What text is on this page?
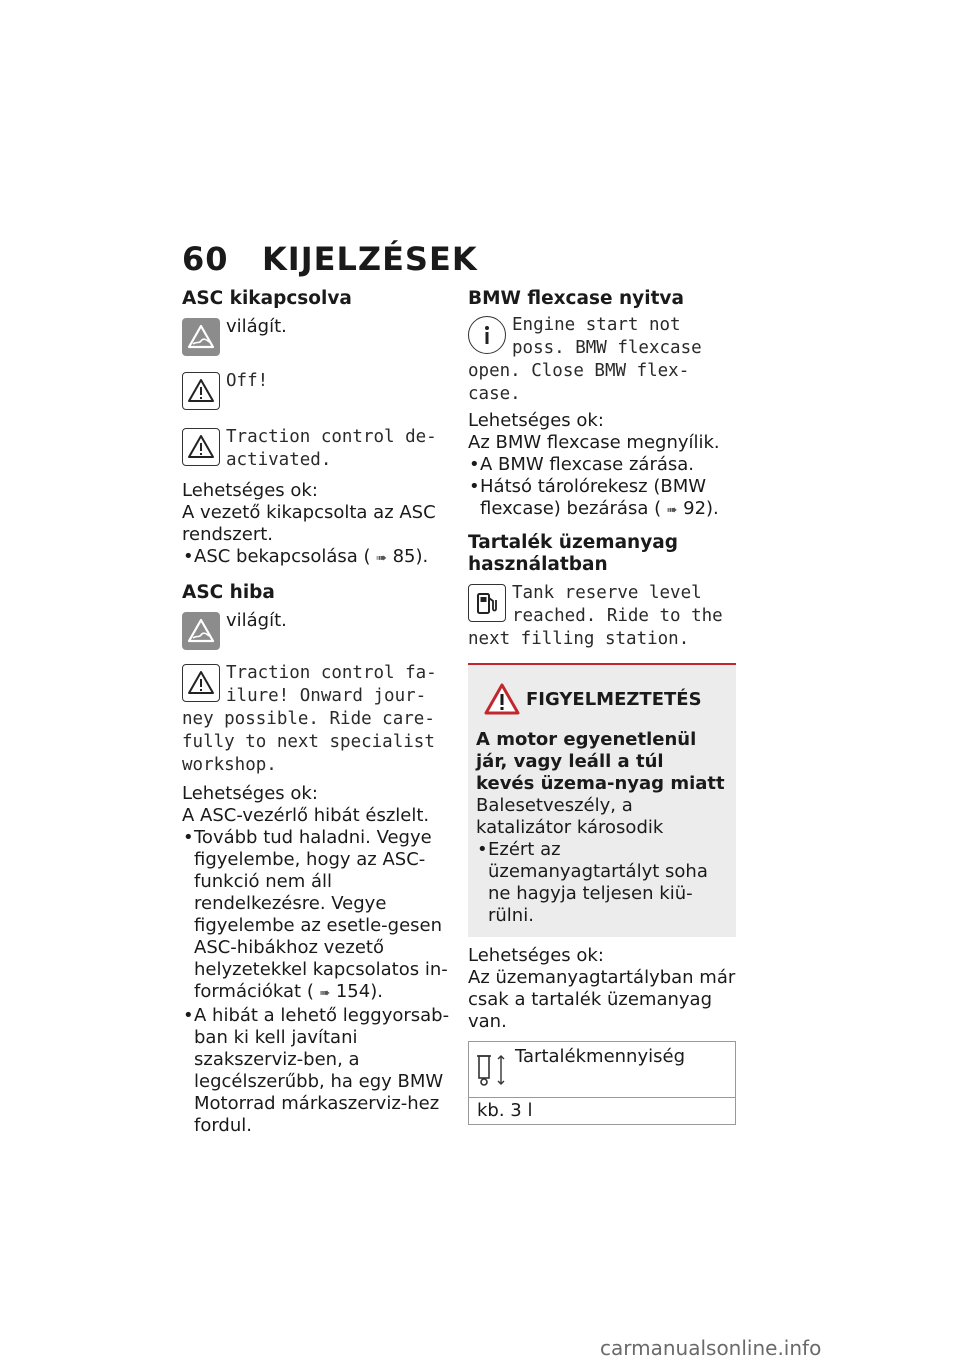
60	KIJELZÉSEK
ASC kikapcsolva
világít.
Off!
Traction control de-activated.
Lehetséges ok:
A vezető kikapcsolta az ASC rendszert.
• ASC bekapcsolása ( ➠ 85).
ASC hiba
világít.
Traction control fa-ilure! Onward jour-ney possible. Ride care-fully to next specialist workshop.
Lehetséges ok:
A ASC-vezérlő hibát észlelt.
• Tovább tud haladni. Vegye figyelembe, hogy az ASC-funkció nem áll rendelkezésre. Vegye figyelembe az esetle-gesen ASC-hibákhoz vezető helyzetekkel kapcsolatos in-formációkat ( ➠ 154).
• A hibát a lehető leggyorsab-ban ki kell javítani szakszerviz-ben, a legcélszerűbb, ha egy BMW Motorrad márkaszerviz-hez fordul.
BMW flexcase nyitva
Engine start not poss. BMW flexcase open. Close BMW flex-case.
Lehetséges ok:
Az BMW flexcase megnyílik.
• A BMW flexcase zárása.
• Hátsó tárolórekesz (BMW flexcase) bezárása ( ➠ 92).
Tartalék üzemanyag használatban
Tank reserve level reached. Ride to the next filling station.
FIGYELMEZTETÉS
A motor egyenetlenül jár, vagy leáll a túl kevés üzema-nyag miatt
Balesetveszély, a katalizátor károsodik
• Ezért az üzemanyagtartályt soha ne hagyja teljesen kiü-rülni.
Lehetséges ok:
Az üzemanyagtartályban már csak a tartalék üzemanyag van.
Tartalékmennyiség
kb. 3 l
carmanualsonline.info
